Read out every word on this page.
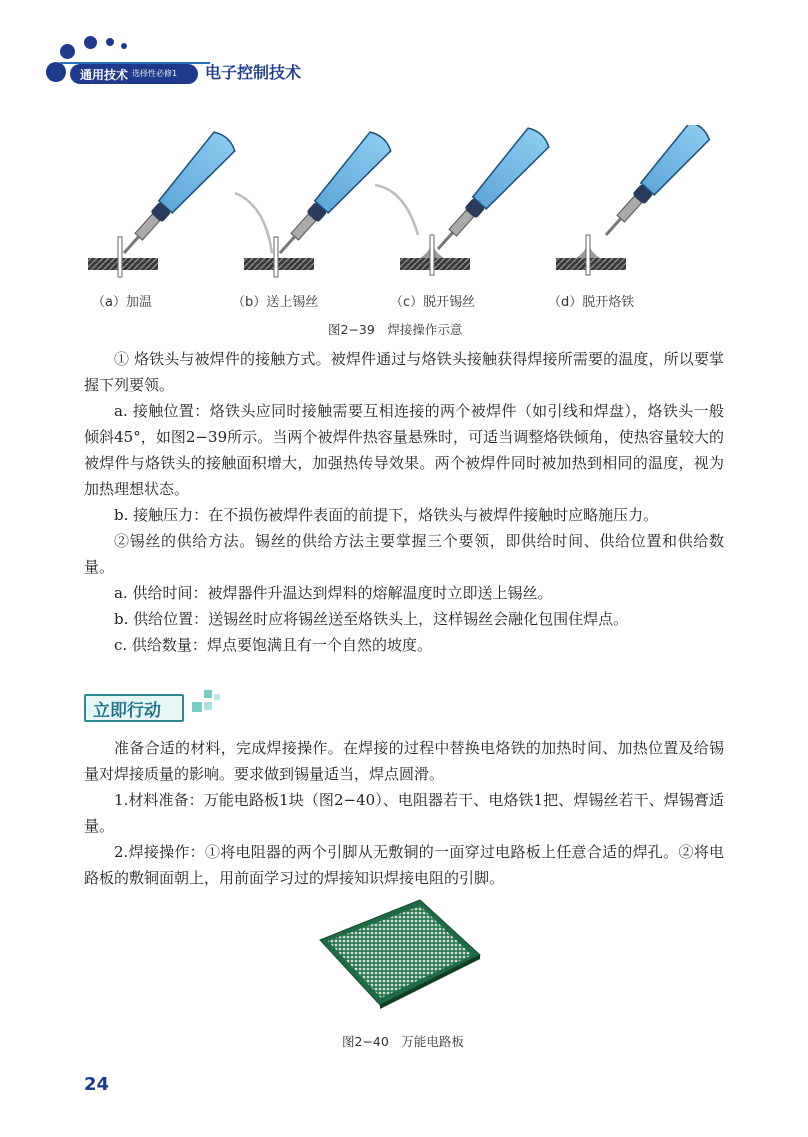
通用技术 选择性必修1 电子控制技术
（a）加温	（b）送上锡丝	（c）脱开锡丝	（d）脱开烙铁
图2−39　焊接操作示意

① 烙铁头与被焊件的接触方式。被焊件通过与烙铁头接触获得焊接所需要的温度，所以要掌握下列要领。

a. 接触位置：烙铁头应同时接触需要互相连接的两个被焊件（如引线和焊盘），烙铁头一般倾斜45°，如图2−39所示。当两个被焊件热容量悬殊时，可适当调整烙铁倾角，使热容量较大的被焊件与烙铁头的接触面积增大，加强热传导效果。两个被焊件同时被加热到相同的温度，视为加热理想状态。

b. 接触压力：在不损伤被焊件表面的前提下，烙铁头与被焊件接触时应略施压力。

②锡丝的供给方法。锡丝的供给方法主要掌握三个要领，即供给时间、供给位置和供给数量。

a. 供给时间：被焊器件升温达到焊料的熔解温度时立即送上锡丝。

b. 供给位置：送锡丝时应将锡丝送至烙铁头上，这样锡丝会融化包围住焊点。

c. 供给数量：焊点要饱满且有一个自然的坡度。

立即行动

准备合适的材料，完成焊接操作。在焊接的过程中替换电烙铁的加热时间、加热位置及给锡量对焊接质量的影响。要求做到锡量适当，焊点圆滑。

1.材料准备：万能电路板1块（图2−40）、电阻器若干、电烙铁1把、焊锡丝若干、焊锡膏适量。

2.焊接操作：①将电阻器的两个引脚从无敷铜的一面穿过电路板上任意合适的焊孔。②将电路板的敷铜面朝上，用前面学习过的焊接知识焊接电阻的引脚。

图2−40　万能电路板
24
